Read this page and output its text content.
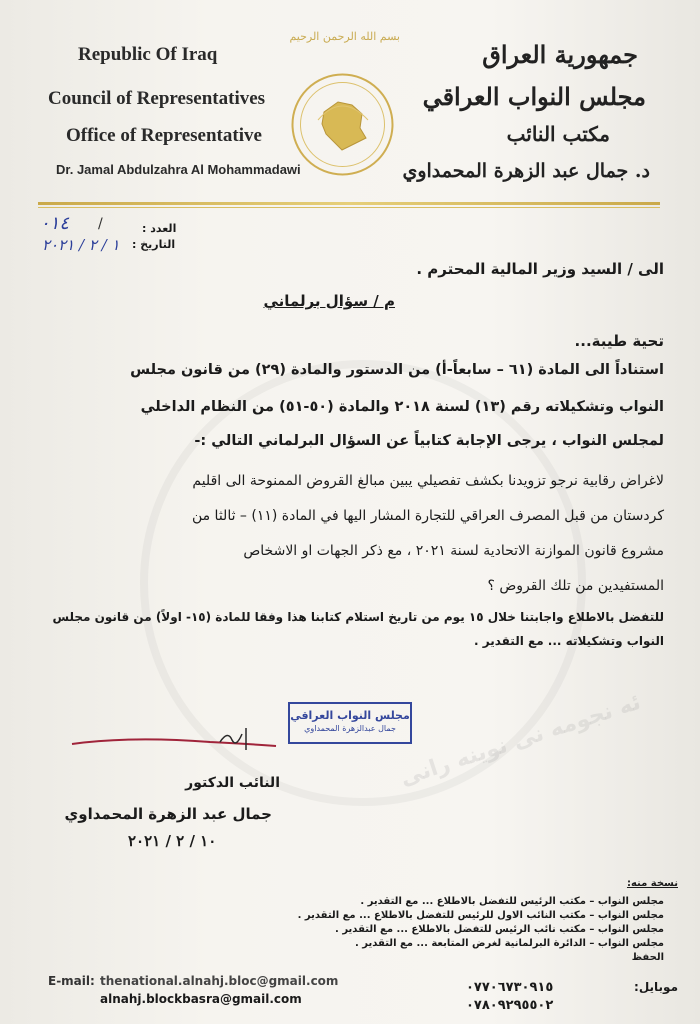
ئه نجومه نى نوينه رانى
Republic Of Iraq
Council of Representatives
Office of Representative
Dr. Jamal Abdulzahra Al Mohammadawi
بسم الله الرحمن الرحيم
جمهورية العراق
مجلس النواب العراقي
مكتب النائب
د. جمال عبد الزهرة المحمداوي
العدد :
٠١٤ /
التاريخ :
١ / ٢ / ٢٠٢١
الى / السيد وزير المالية المحترم .
م / سؤال برلماني
تحية طيبة...
استناداً الى المادة (٦١ – سابعاً-أ) من الدستور والمادة (٢٩) من قانون مجلس
النواب وتشكيلاته رقم (١٣) لسنة ٢٠١٨ والمادة (٥٠-٥١) من النظام الداخلي
لمجلس النواب ، يرجى الإجابة كتابياً عن السؤال البرلماني التالي :-
لاغراض رقابية نرجو تزويدنا بكشف تفصيلي يبين مبالغ القروض الممنوحة الى اقليم
كردستان من قبل المصرف العراقي للتجارة المشار اليها في المادة (١١) – ثالثا من
مشروع قانون الموازنة الاتحادية لسنة ٢٠٢١ ، مع ذكر الجهات او الاشخاص
المستفيدين من تلك القروض ؟
للتفضل بالاطلاع واجابتنا خلال ١٥ يوم من تاريخ استلام كتابنا هذا وفقا للمادة (١٥- اولاً) من قانون مجلس
النواب وتشكيلاته ... مع التقدير .
مجلس النواب العراقي
جمال عبدالزهرة المحمداوي
النائب الدكتور
جمال عبد الزهرة المحمداوي
١٠ / ٢ / ٢٠٢١
نسخة منه:
مجلس النواب – مكتب الرئيس للتفضل بالاطلاع ... مع التقدير .
مجلس النواب – مكتب النائب الاول للرئيس للتفضل بالاطلاع ... مع التقدير .
مجلس النواب – مكتب نائب الرئيس للتفضل بالاطلاع ... مع التقدير .
مجلس النواب – الدائرة البرلمانية لغرض المتابعة ... مع التقدير .
الحفظ
E-mail: thenational.alnahj.bloc@gmail.com
alnahj.blockbasra@gmail.com
موبايل:
٠٧٧٠٦٧٣٠٩١٥
٠٧٨٠٩٢٩٥٥٠٢
